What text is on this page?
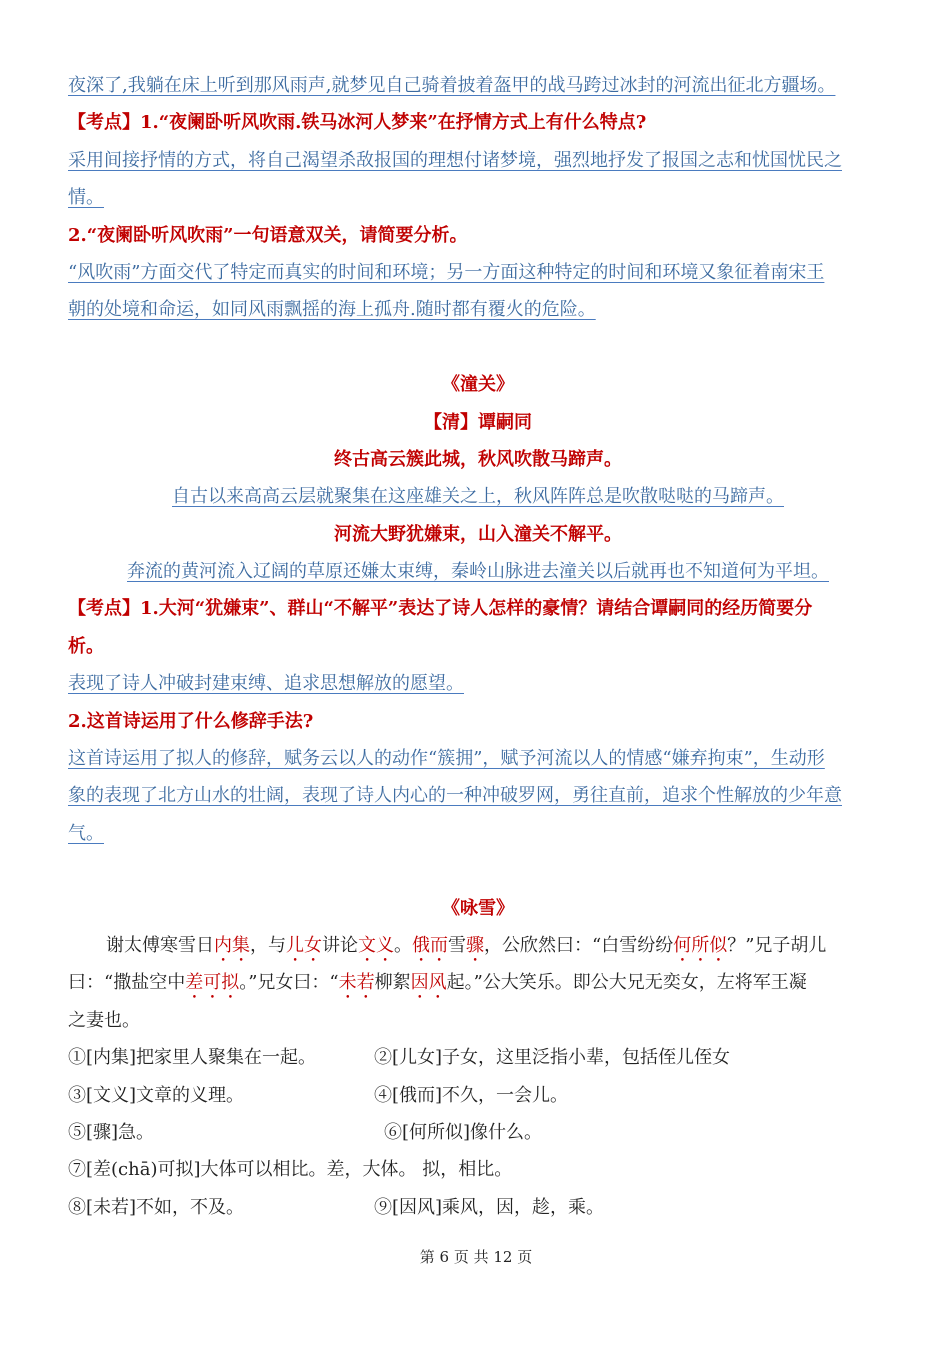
夜深了,我躺在床上听到那风雨声,就梦见自己骑着披着盔甲的战马跨过冰封的河流出征北方疆场。
【考点】1.“夜阑卧听风吹雨.铁马冰河人梦来”在抒情方式上有什么特点?
采用间接抒情的方式，将自己渴望杀敌报国的理想付诸梦境，强烈地抒发了报国之志和忧国忧民之
情。
2.“夜阑卧听风吹雨”一句语意双关，请简要分析。
“风吹雨”方面交代了特定而真实的时间和环境；另一方面这种特定的时间和环境又象征着南宋王
朝的处境和命运，如同风雨飘摇的海上孤舟.随时都有覆火的危险。
《潼关》
【清】谭嗣同
终古高云簇此城，秋风吹散马蹄声。
自古以来高高云层就聚集在这座雄关之上，秋风阵阵总是吹散哒哒的马蹄声。
河流大野犹嫌束，山入潼关不解平。
奔流的黄河流入辽阔的草原还嫌太束缚，秦岭山脉进去潼关以后就再也不知道何为平坦。
【考点】1.大河“犹嫌束”、群山“不解平”表达了诗人怎样的豪情？请结合谭嗣同的经历简要分
析。
表现了诗人冲破封建束缚、追求思想解放的愿望。
2.这首诗运用了什么修辞手法?
这首诗运用了拟人的修辞，赋务云以人的动作“簇拥”，赋予河流以人的情感“嫌弃拘束”，生动形
象的表现了北方山水的壮阔，表现了诗人内心的一种冲破罗网，勇往直前，追求个性解放的少年意
气。
《咏雪》
谢太傅寒雪日内集，与儿女讲论文义。俄而雪骤，公欣然曰：“白雪纷纷何所似？”兄子胡儿
曰：“撒盐空中差可拟。”兄女曰：“未若柳絮因风起。”公大笑乐。即公大兄无奕女，左将军王凝
之妻也。
①[内集]把家里人聚集在一起。	②[儿女]子女，这里泛指小辈，包括侄儿侄女
③[文义]文章的义理。	④[俄而]不久，一会儿。
⑤[骤]急。	⑥[何所似]像什么。
⑦[差(chā)可拟]大体可以相比。差，大体。 拟，相比。
⑧[未若]不如，不及。	⑨[因风]乘风，因，趁，乘。
第 6 页 共 12 页
